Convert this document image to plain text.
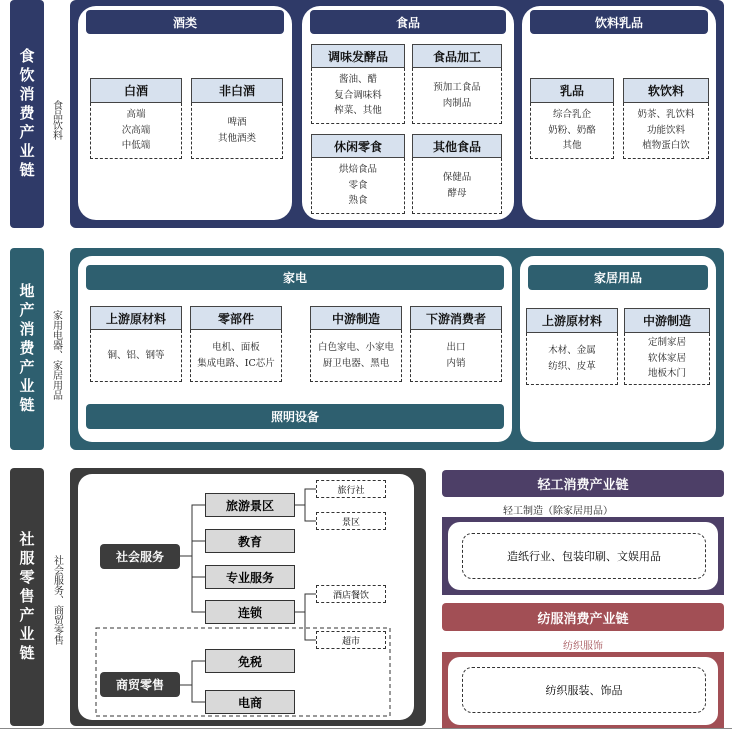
食饮消费产业链	食品饮料
酒类
白酒
高端
次高端
中低端
非白酒
啤酒
其他酒类
食品
调味发酵品
酱油、醋
复合调味料
榨菜、其他
食品加工
预加工食品
肉制品
休闲零食
烘焙食品
零食
熟食
其他食品
保健品
酵母
饮料乳品
乳品
综合乳企
奶粉、奶酪
其他
软饮料
奶茶、乳饮料
功能饮料
植物蛋白饮
地产消费产业链	家用电器、家居用品
家电
上游原材料
铜、铝、钢等
零部件
电机、面板
集成电路、IC芯片
中游制造
白色家电、小家电
厨卫电器、黑电
下游消费者
出口
内销
照明设备
家居用品
上游原材料
木材、金属
纺织、皮革
中游制造
定制家居
软体家居
地板木门
社服零售产业链	社会服务、商贸零售	社会服务
商贸零售
旅游景区
教育
专业服务
连锁
免税
电商
旅行社
景区
酒店餐饮
超市
轻工消费产业链
轻工制造（除家居用品）
造纸行业、包装印刷、文娱用品
纺服消费产业链
纺织服饰
纺织服装、饰品
